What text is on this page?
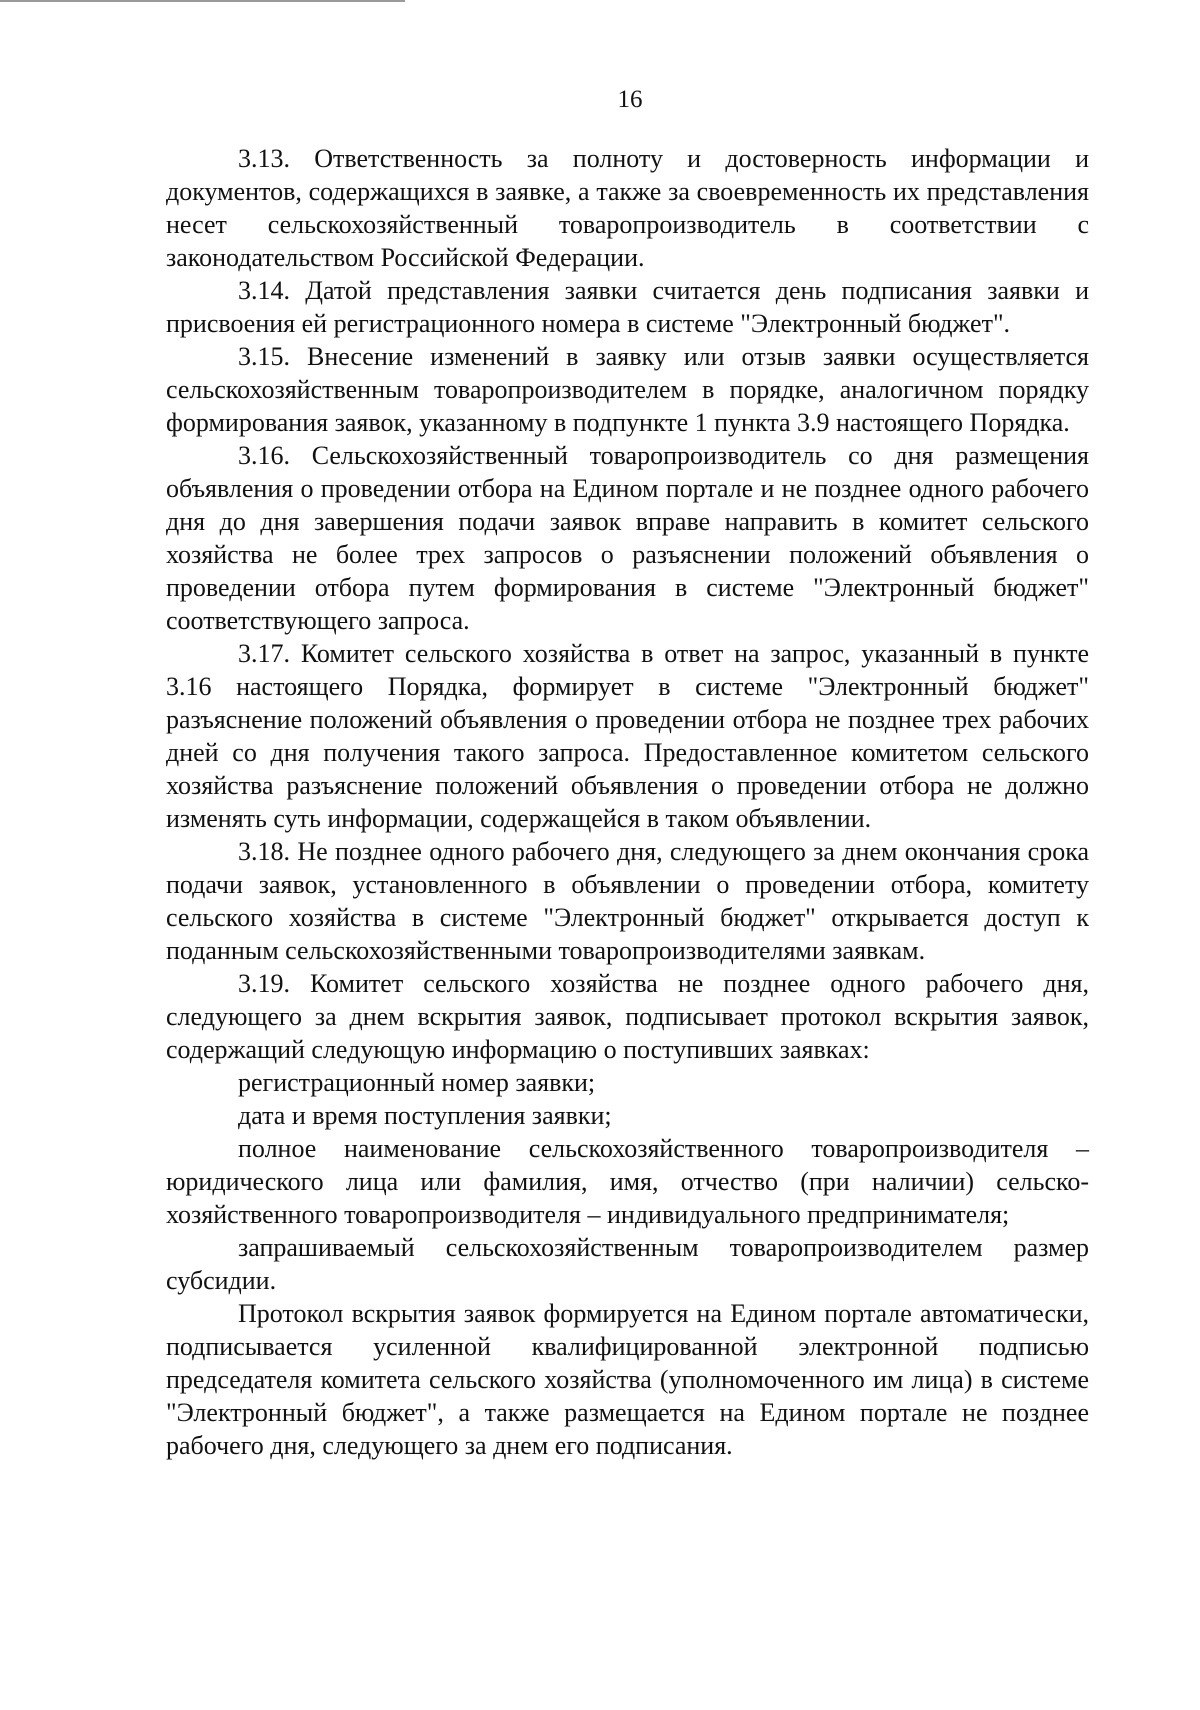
16

3.13. Ответственность за полноту и достоверность информации и документов, содержащихся в заявке, а также за своевременность их представления несет сельскохозяйственный товаропроизводитель в соответствии с законодательством Российской Федерации.

3.14. Датой представления заявки считается день подписания заявки и присвоения ей регистрационного номера в системе "Электронный бюджет".

3.15. Внесение изменений в заявку или отзыв заявки осуществляется сельскохозяйственным товаропроизводителем в порядке, аналогичном порядку формирования заявок, указанному в подпункте 1 пункта 3.9 настоящего Порядка.

3.16. Сельскохозяйственный товаропроизводитель со дня размещения объявления о проведении отбора на Едином портале и не позднее одного рабочего дня до дня завершения подачи заявок вправе направить в комитет сельского хозяйства не более трех запросов о разъяснении положений объявления о проведении отбора путем формирования в системе "Электронный бюджет" соответствующего запроса.

3.17. Комитет сельского хозяйства в ответ на запрос, указанный в пункте 3.16 настоящего Порядка, формирует в системе "Электронный бюджет" разъяснение положений объявления о проведении отбора не позднее трех рабочих дней со дня получения такого запроса. Предоставленное комитетом сельского хозяйства разъяснение положений объявления о проведении отбора не должно изменять суть информации, содержащейся в таком объявлении.

3.18. Не позднее одного рабочего дня, следующего за днем окончания срока подачи заявок, установленного в объявлении о проведении отбора, комитету сельского хозяйства в системе "Электронный бюджет" открывается доступ к поданным сельскохозяйственными товаропроизводителями заявкам.

3.19. Комитет сельского хозяйства не позднее одного рабочего дня, следующего за днем вскрытия заявок, подписывает протокол вскрытия заявок, содержащий следующую информацию о поступивших заявках:

регистрационный номер заявки;

дата и время поступления заявки;

полное наименование сельскохозяйственного товаропроизводителя – юридического лица или фамилия, имя, отчество (при наличии) сельскохозяйственного товаропроизводителя – индивидуального предпринимателя;

запрашиваемый сельскохозяйственным товаропроизводителем размер субсидии.

Протокол вскрытия заявок формируется на Едином портале автоматически, подписывается усиленной квалифицированной электронной подписью председателя комитета сельского хозяйства (уполномоченного им лица) в системе "Электронный бюджет", а также размещается на Едином портале не позднее рабочего дня, следующего за днем его подписания.
